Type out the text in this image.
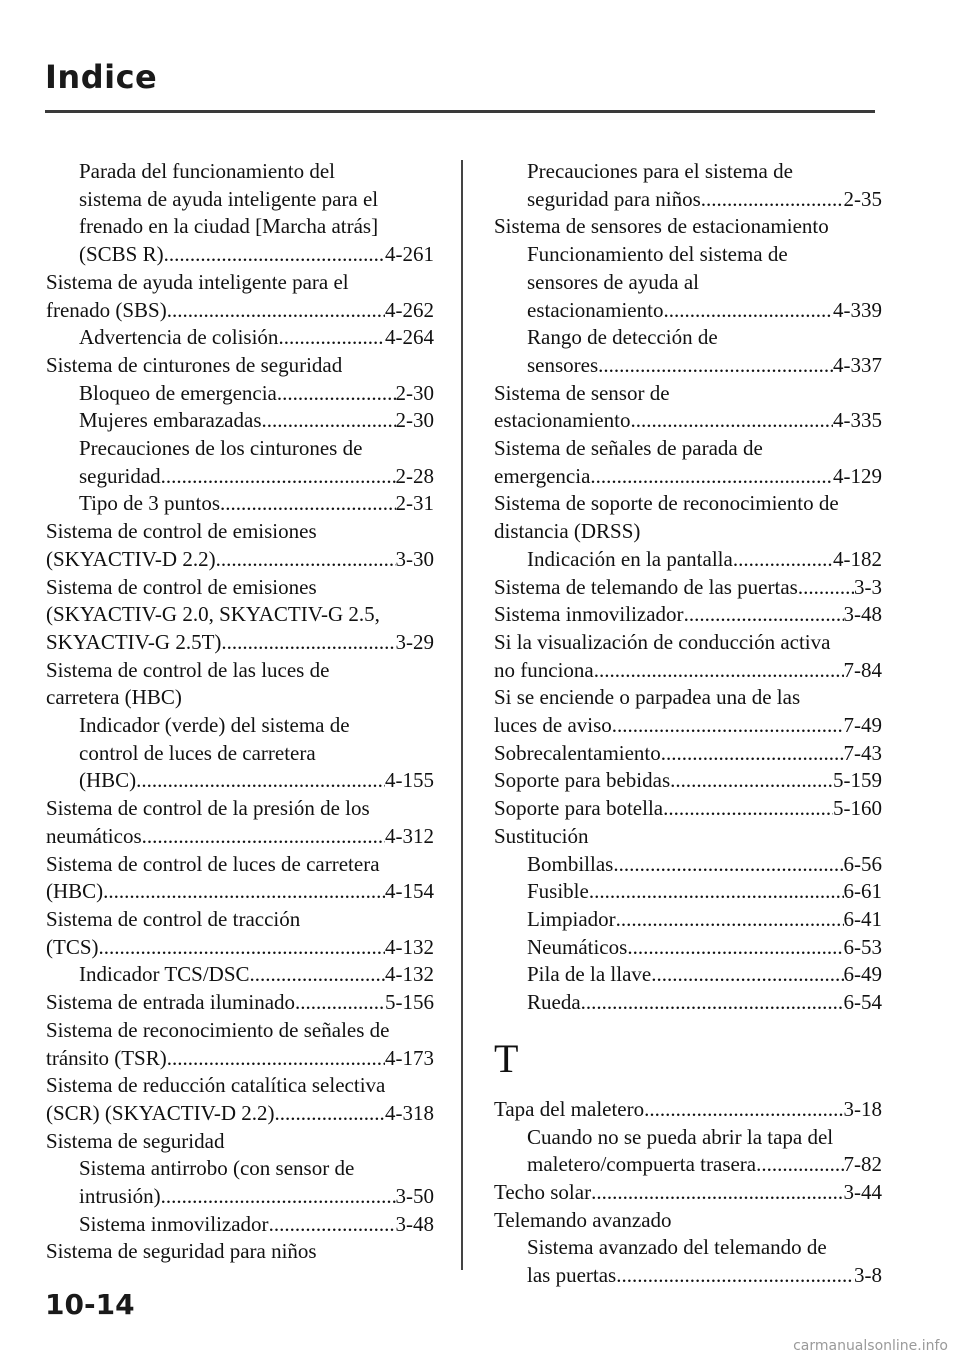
Indice
Parada del funcionamiento del
sistema de ayuda inteligente para el
frenado en la ciudad [Marcha atrás]
(SCBS R) .....	4-261
Sistema de ayuda inteligente para el
frenado (SBS) .....	4-262
Advertencia de colisión .....	4-264
Sistema de cinturones de seguridad
Bloqueo de emergencia .....	2-30
Mujeres embarazadas .....	2-30
Precauciones de los cinturones de
seguridad .....	2-28
Tipo de 3 puntos .....	2-31
Sistema de control de emisiones
(SKYACTIV-D 2.2) .....	3-30
Sistema de control de emisiones
(SKYACTIV-G 2.0, SKYACTIV-G 2.5,
SKYACTIV-G 2.5T) .....	3-29
Sistema de control de las luces de
carretera (HBC)
Indicador (verde) del sistema de
control de luces de carretera
(HBC) .....	4-155
Sistema de control de la presión de los
neumáticos .....	4-312
Sistema de control de luces de carretera
(HBC) .....	4-154
Sistema de control de tracción
(TCS) .....	4-132
Indicador TCS/DSC .....	4-132
Sistema de entrada iluminado .....	5-156
Sistema de reconocimiento de señales de
tránsito (TSR) .....	4-173
Sistema de reducción catalítica selectiva
(SCR) (SKYACTIV-D 2.2) .....	4-318
Sistema de seguridad
Sistema antirrobo (con sensor de
intrusión) .....	3-50
Sistema inmovilizador .....	3-48
Sistema de seguridad para niños
Precauciones para el sistema de
seguridad para niños .....	2-35
Sistema de sensores de estacionamiento
Funcionamiento del sistema de
sensores de ayuda al
estacionamiento .....	4-339
Rango de detección de
sensores .....	4-337
Sistema de sensor de
estacionamiento .....	4-335
Sistema de señales de parada de
emergencia .....	4-129
Sistema de soporte de reconocimiento de
distancia (DRSS)
Indicación en la pantalla .....	4-182
Sistema de telemando de las puertas .....	3-3
Sistema inmovilizador .....	3-48
Si la visualización de conducción activa
no funciona .....	7-84
Si se enciende o parpadea una de las
luces de aviso .....	7-49
Sobrecalentamiento .....	7-43
Soporte para bebidas .....	5-159
Soporte para botella .....	5-160
Sustitución
Bombillas .....	6-56
Fusible .....	6-61
Limpiador .....	6-41
Neumáticos .....	6-53
Pila de la llave .....	6-49
Rueda .....	6-54
T
Tapa del maletero .....	3-18
Cuando no se pueda abrir la tapa del
maletero/compuerta trasera .....	7-82
Techo solar .....	3-44
Telemando avanzado
Sistema avanzado del telemando de
las puertas .....	3-8
10-14
carmanualsonline.info
